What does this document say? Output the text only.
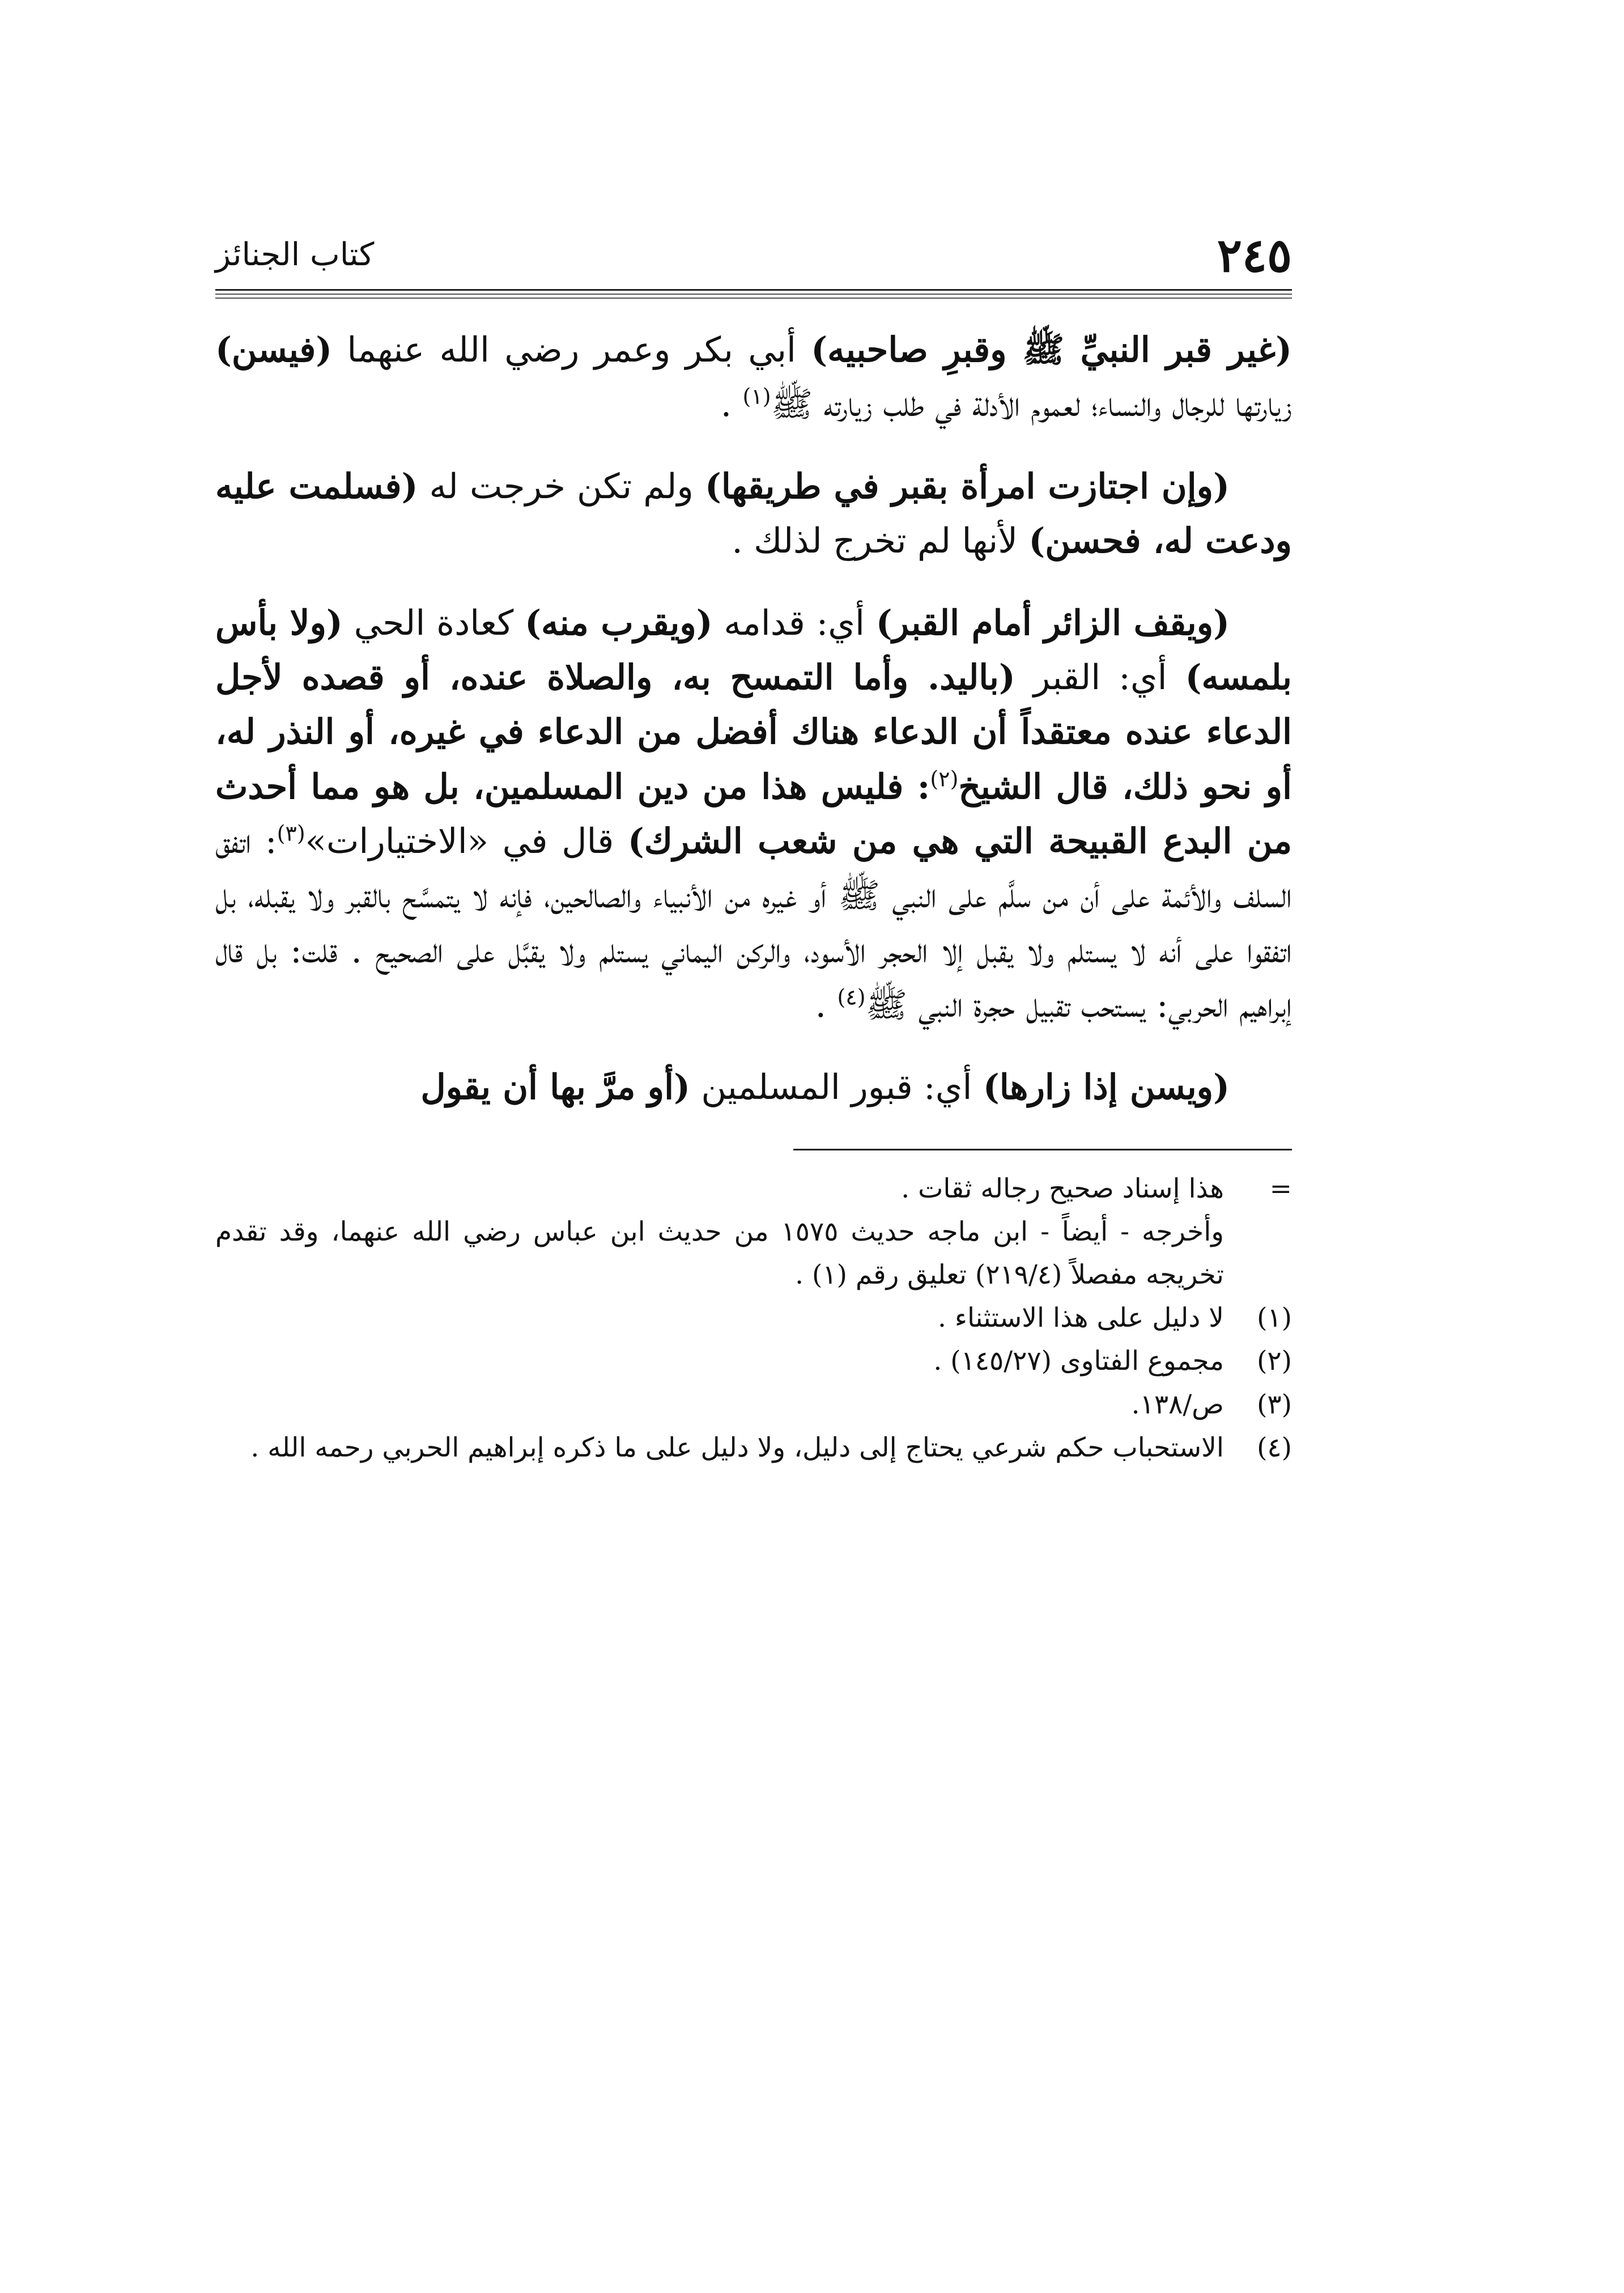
٢٤٥
كتاب الجنائز

(غير قبر النبيِّ ﷺ وقبرِ صاحبيه) أبي بكر وعمر رضي الله عنهما (فيسن) زيارتها للرجال والنساء؛ لعموم الأدلة في طلب زيارته ﷺ$^{(١)}$ .

(وإن اجتازت امرأة بقبر في طريقها) ولم تكن خرجت له (فسلمت عليه ودعت له، فحسن) لأنها لم تخرج لذلك .

(ويقف الزائر أمام القبر) أي: قدامه (ويقرب منه) كعادة الحي (ولا بأس بلمسه) أي: القبر (باليد. وأما التمسح به، والصلاة عنده، أو قصده لأجل الدعاء عنده معتقداً أن الدعاء هناك أفضل من الدعاء في غيره، أو النذر له، أو نحو ذلك، قال الشيخ$^{(٢)}$: فليس هذا من دين المسلمين، بل هو مما أحدث من البدع القبيحة التي هي من شعب الشرك) قال في «الاختيارات»$^{(٣)}$: اتفق السلف والأئمة على أن من سلَّم على النبي ﷺ أو غيره من الأنبياء والصالحين، فإنه لا يتمسَّح بالقبر ولا يقبله، بل اتفقوا على أنه لا يستلم ولا يقبل إلا الحجر الأسود، والركن اليماني يستلم ولا يقبَّل على الصحيح . قلت: بل قال إبراهيم الحربي: يستحب تقبيل حجرة النبي ﷺ$^{(٤)}$ .

(ويسن إذا زارها) أي: قبور المسلمين (أو مرَّ بها أن يقول

=
هذا إسناد صحيح رجاله ثقات .
وأخرجه - أيضاً - ابن ماجه حديث ١٥٧٥ من حديث ابن عباس رضي الله عنهما، وقد تقدم تخريجه مفصلاً (٢١٩/٤) تعليق رقم (١) .
(١)
لا دليل على هذا الاستثناء .
(٢)
مجموع الفتاوى (١٤٥/٢٧) .
(٣)
ص/١٣٨.
(٤)
الاستحباب حكم شرعي يحتاج إلى دليل، ولا دليل على ما ذكره إبراهيم الحربي رحمه الله .
